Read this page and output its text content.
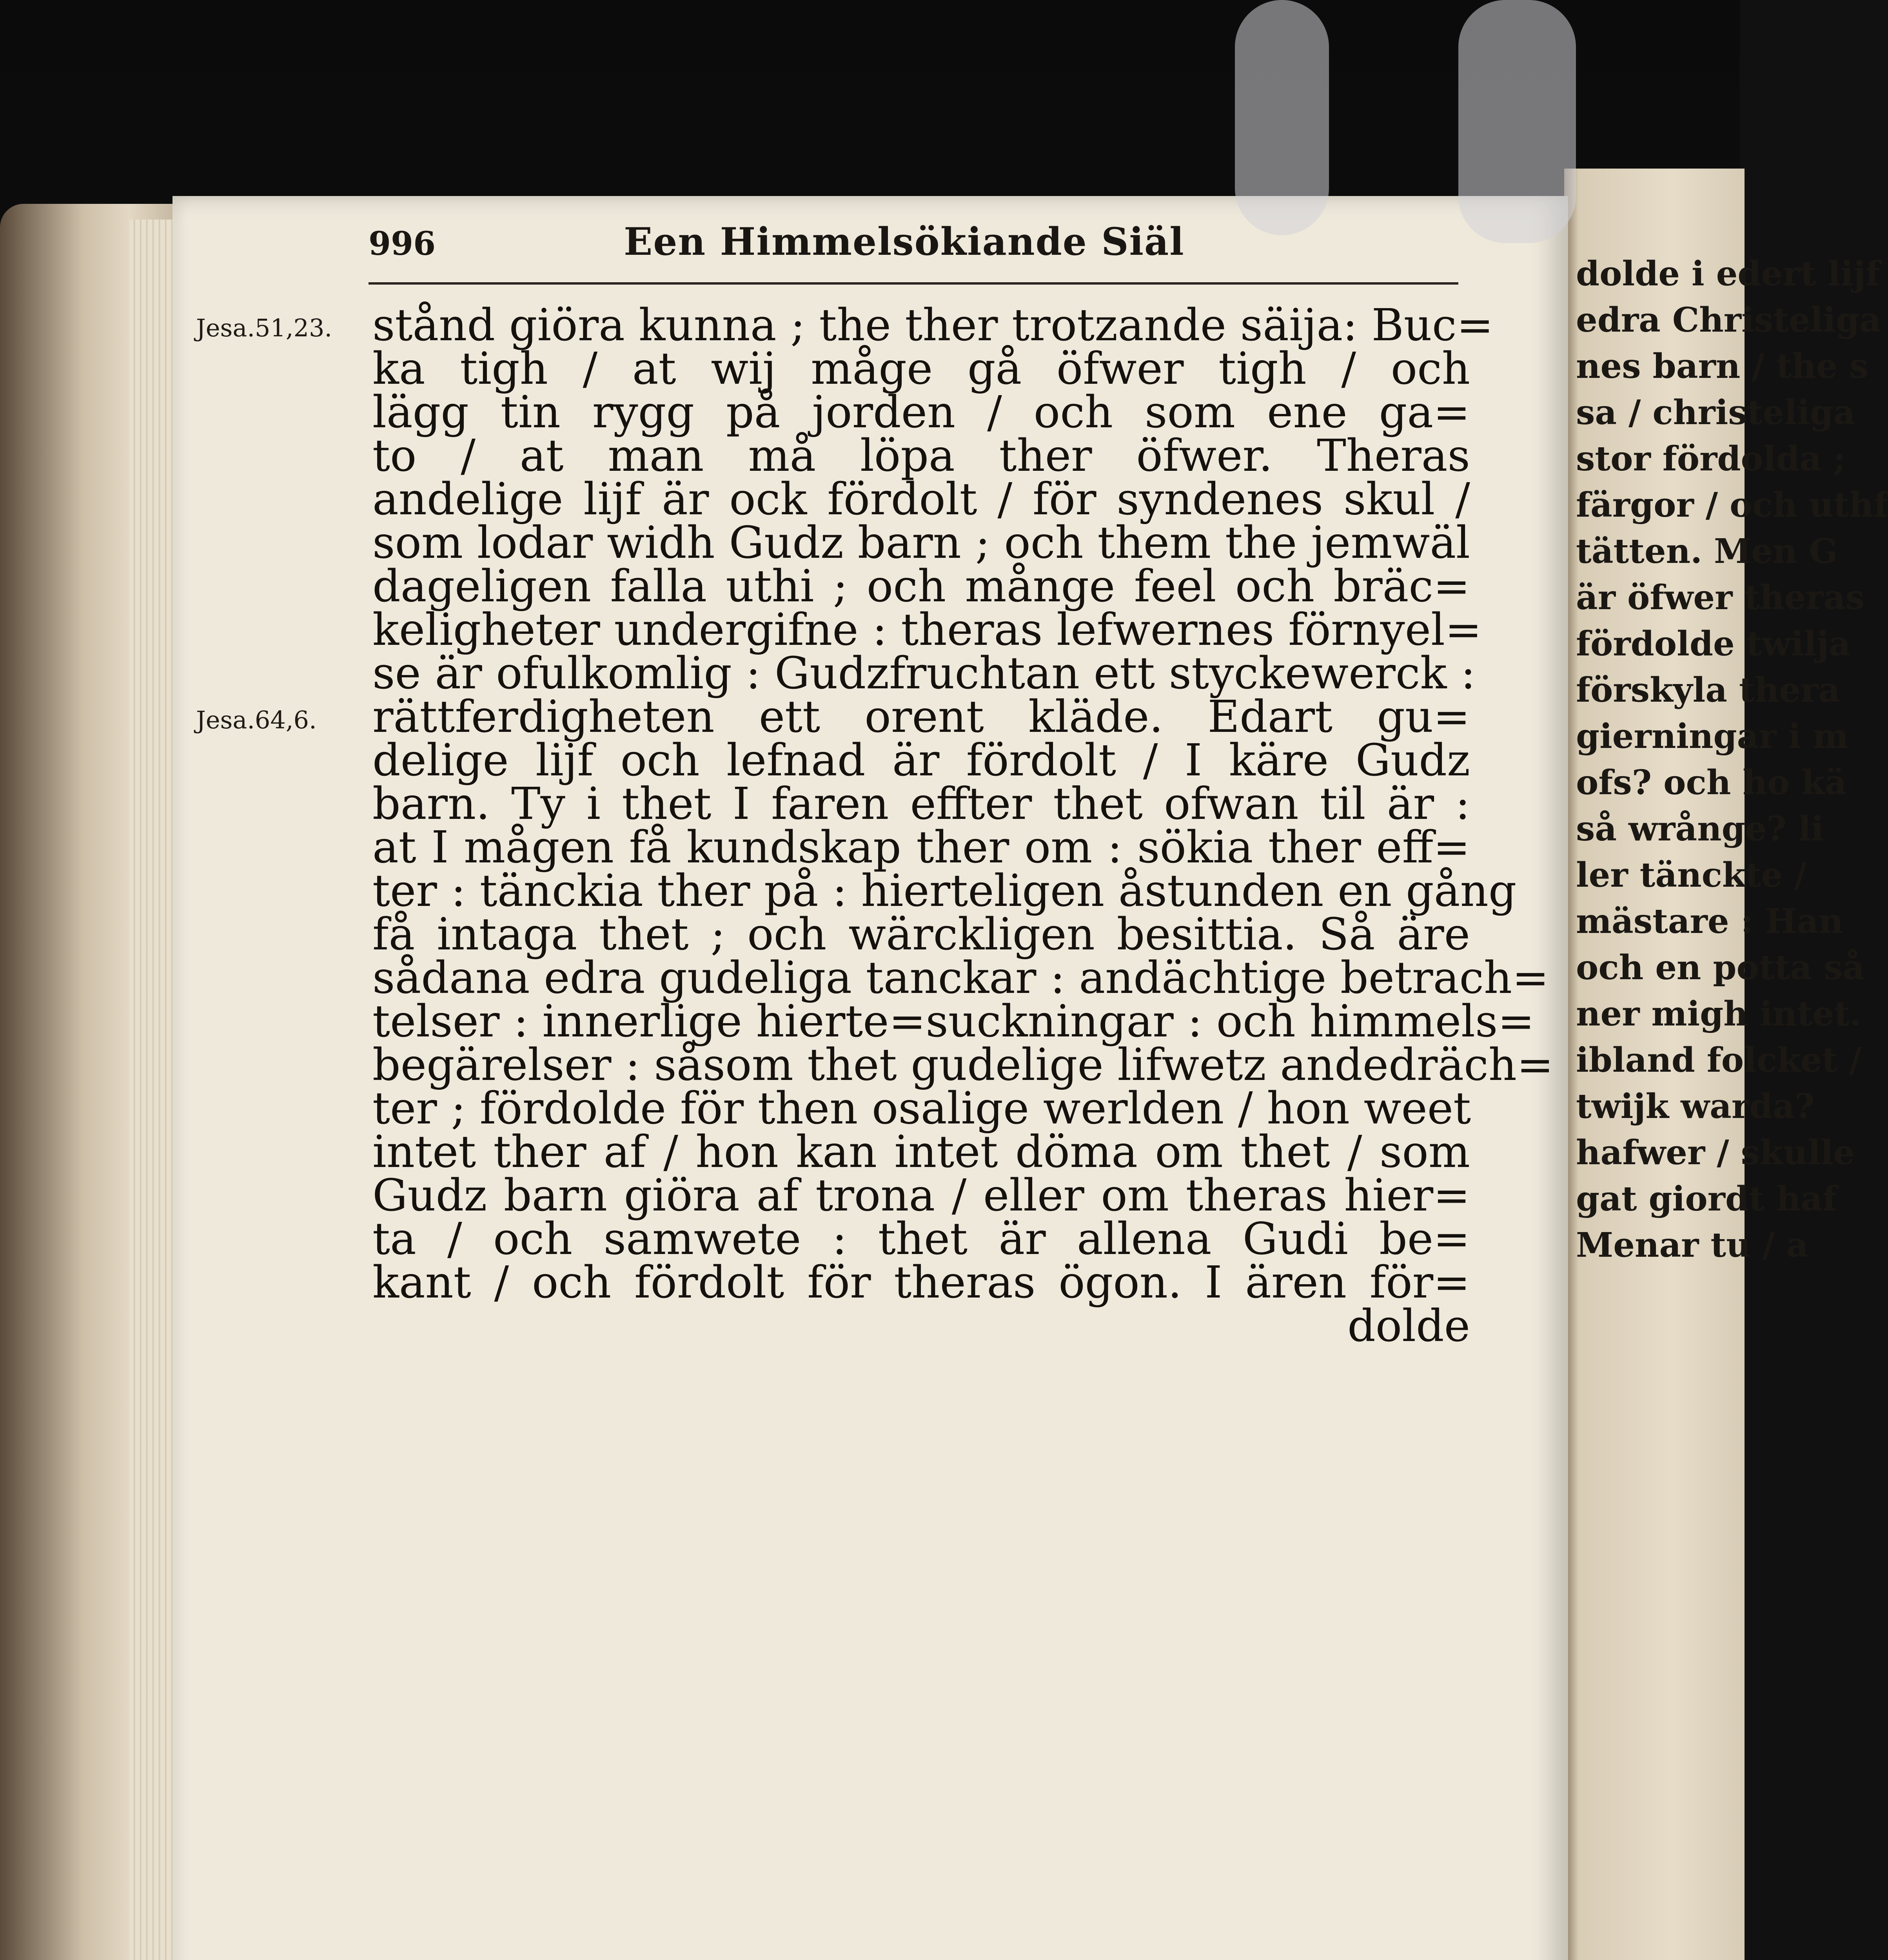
996	Een Himmelsökiande Siäl
Jesa.51,23.
Jesa.64,6.
stånd giöra kunna ; the ther trotzande säija: Buc=
ka tigh / at wij måge gå öfwer tigh / och
lägg tin rygg på jorden / och som ene ga=
to / at man må löpa ther öfwer. Theras
andelige lijf är ock fördolt / för syndenes skul /
som lodar widh Gudz barn ; och them the jemwäl
dageligen falla uthi ; och månge feel och bräc=
keligheter undergifne : theras lefwernes förnyel=
se är ofulkomlig : Gudzfruchtan ett styckewerck :
rättferdigheten ett orent kläde. Edart gu=
delige lijf och lefnad är fördolt / I käre Gudz
barn. Ty i thet I faren effter thet ofwan til är :
at I mågen få kundskap ther om : sökia ther eff=
ter : tänckia ther på : hierteligen åstunden en gång
få intaga thet ; och wärckligen besittia. Så äre
sådana edra gudeliga tanckar : andächtige betrach=
telser : innerlige hierte=suckningar : och himmels=
begärelser : såsom thet gudelige lifwetz andedräch=
ter ; fördolde för then osalige werlden / hon weet
intet ther af / hon kan intet döma om thet / som
Gudz barn giöra af trona / eller om theras hier=
ta / och samwete : thet är allena Gudi be=
kant / och fördolt för theras ögon. I ären för=
dolde
dolde i edert lijf
edra Christeliga
nes barn / the s
sa / christeliga
stor fördolda ;
färgor / och uthf
tätten. Men G
är öfwer theras
fördolde twilja
förskyla thera
gierningar i m
ofs? och ho kä
så wrånge? li
ler tänckte /
mästare : Han
och en potta så
ner migh intet.
ibland folcket /
twijk warda?
hafwer / skulle
gat giordt haf
Menar tu / a
